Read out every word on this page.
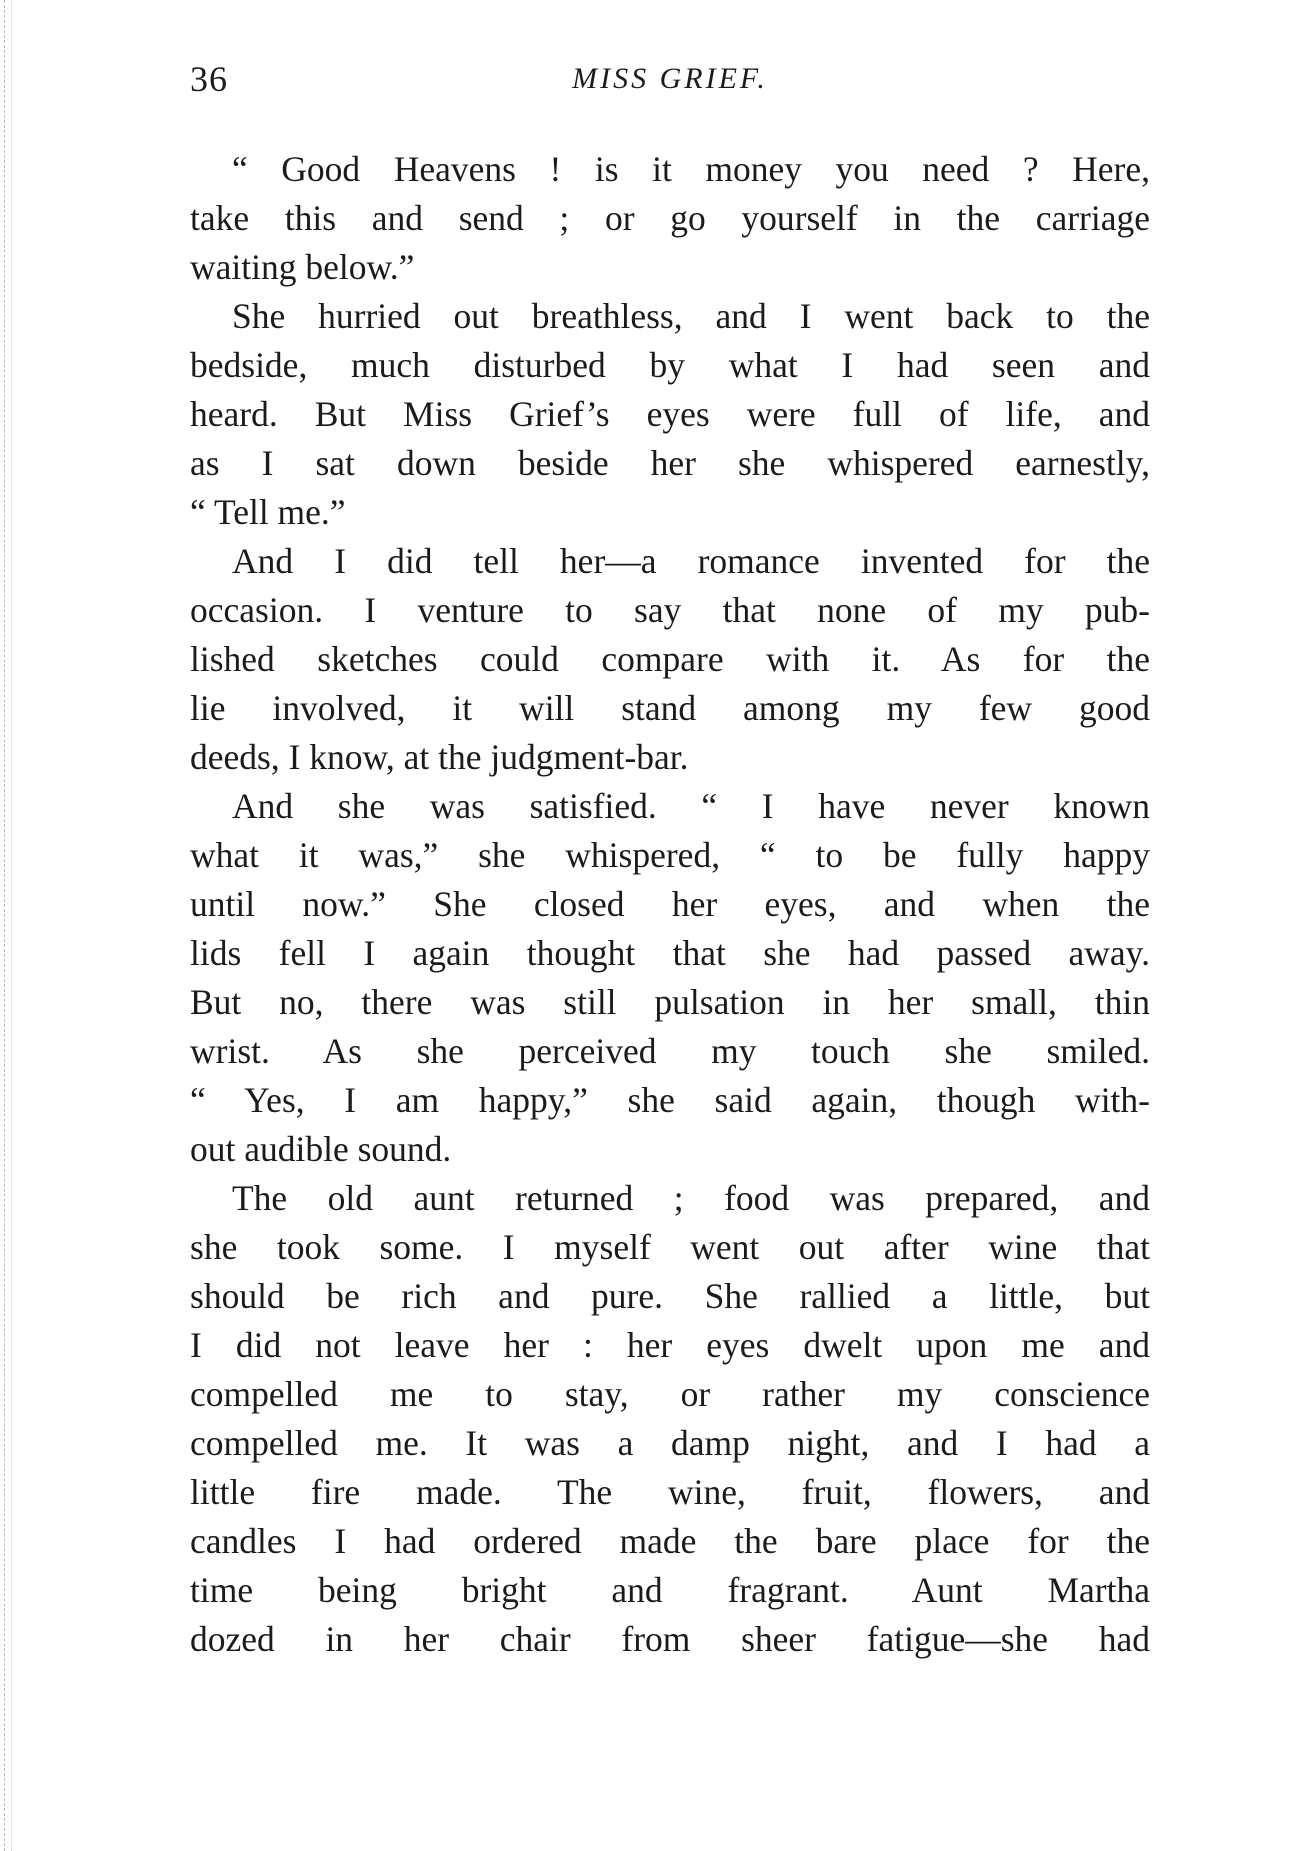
36	MISS GRIEF.
“ Good Heavens ! is it money you need ? Here,
take this and send ; or go yourself in the carriage
waiting below.”
She hurried out breathless, and I went back to the
bedside, much disturbed by what I had seen and
heard. But Miss Grief’s eyes were full of life, and
as I sat down beside her she whispered earnestly,
“ Tell me.”
And I did tell her—a romance invented for the
occasion. I venture to say that none of my pub-
lished sketches could compare with it. As for the
lie involved, it will stand among my few good
deeds, I know, at the judgment-bar.
And she was satisfied. “ I have never known
what it was,” she whispered, “ to be fully happy
until now.” She closed her eyes, and when the
lids fell I again thought that she had passed away.
But no, there was still pulsation in her small, thin
wrist. As she perceived my touch she smiled.
“ Yes, I am happy,” she said again, though with-
out audible sound.
The old aunt returned ; food was prepared, and
she took some. I myself went out after wine that
should be rich and pure. She rallied a little, but
I did not leave her : her eyes dwelt upon me and
compelled me to stay, or rather my conscience
compelled me. It was a damp night, and I had a
little fire made. The wine, fruit, flowers, and
candles I had ordered made the bare place for the
time being bright and fragrant. Aunt Martha
dozed in her chair from sheer fatigue—she had
